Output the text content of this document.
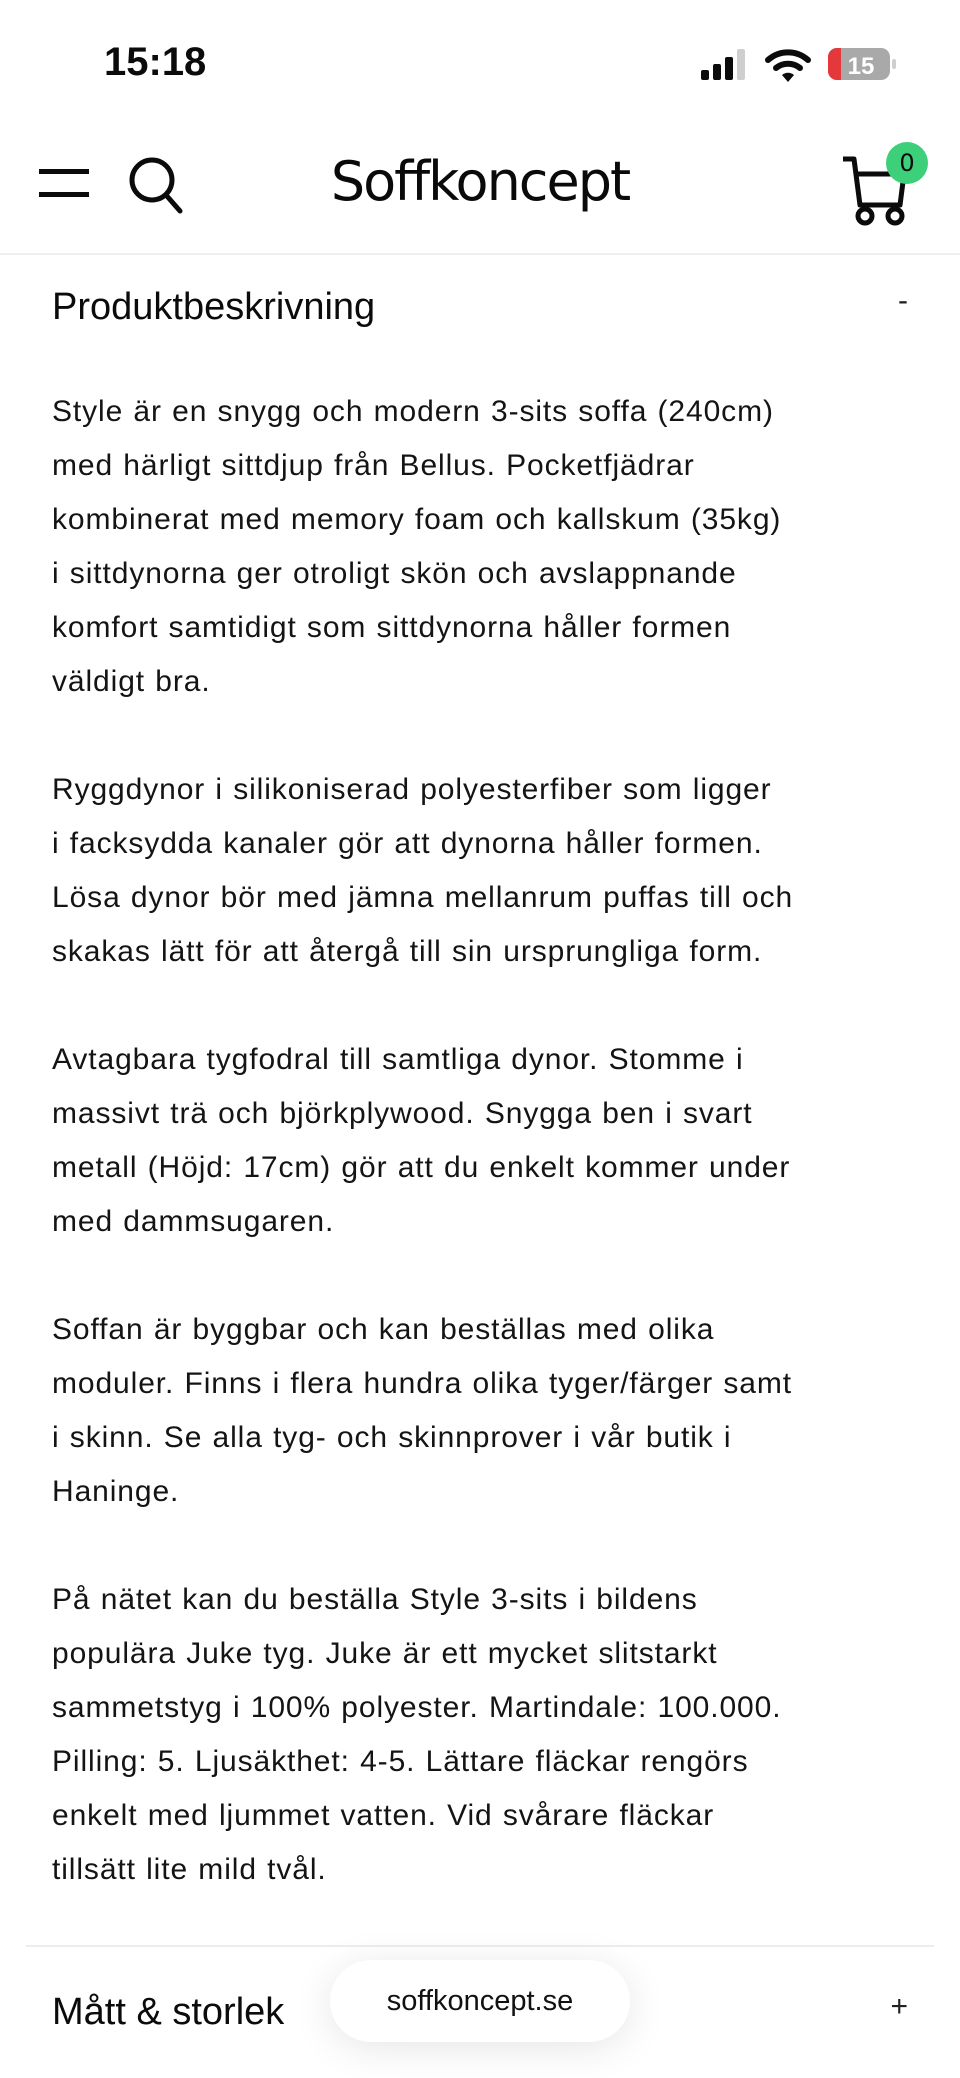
15:18	15
Soffkoncept	0
Produktbeskrivning	-

Style är en snygg och modern 3-sits soffa (240cm)
med härligt sittdjup från Bellus. Pocketfjädrar
kombinerat med memory foam och kallskum (35kg)
i sittdynorna ger otroligt skön och avslappnande
komfort samtidigt som sittdynorna håller formen
väldigt bra.

Ryggdynor i silikoniserad polyesterfiber som ligger
i facksydda kanaler gör att dynorna håller formen.
Lösa dynor bör med jämna mellanrum puffas till och
skakas lätt för att återgå till sin ursprungliga form.

Avtagbara tygfodral till samtliga dynor. Stomme i
massivt trä och björkplywood. Snygga ben i svart
metall (Höjd: 17cm) gör att du enkelt kommer under
med dammsugaren.

Soffan är byggbar och kan beställas med olika
moduler. Finns i flera hundra olika tyger/färger samt
i skinn. Se alla tyg- och skinnprover i vår butik i
Haninge.

På nätet kan du beställa Style 3-sits i bildens
populära Juke tyg. Juke är ett mycket slitstarkt
sammetstyg i 100% polyester. Martindale: 100.000.
Pilling: 5. Ljusäkthet: 4-5. Lättare fläckar rengörs
enkelt med ljummet vatten. Vid svårare fläckar
tillsätt lite mild tvål.

Mått & storlek	+
soffkoncept.se
